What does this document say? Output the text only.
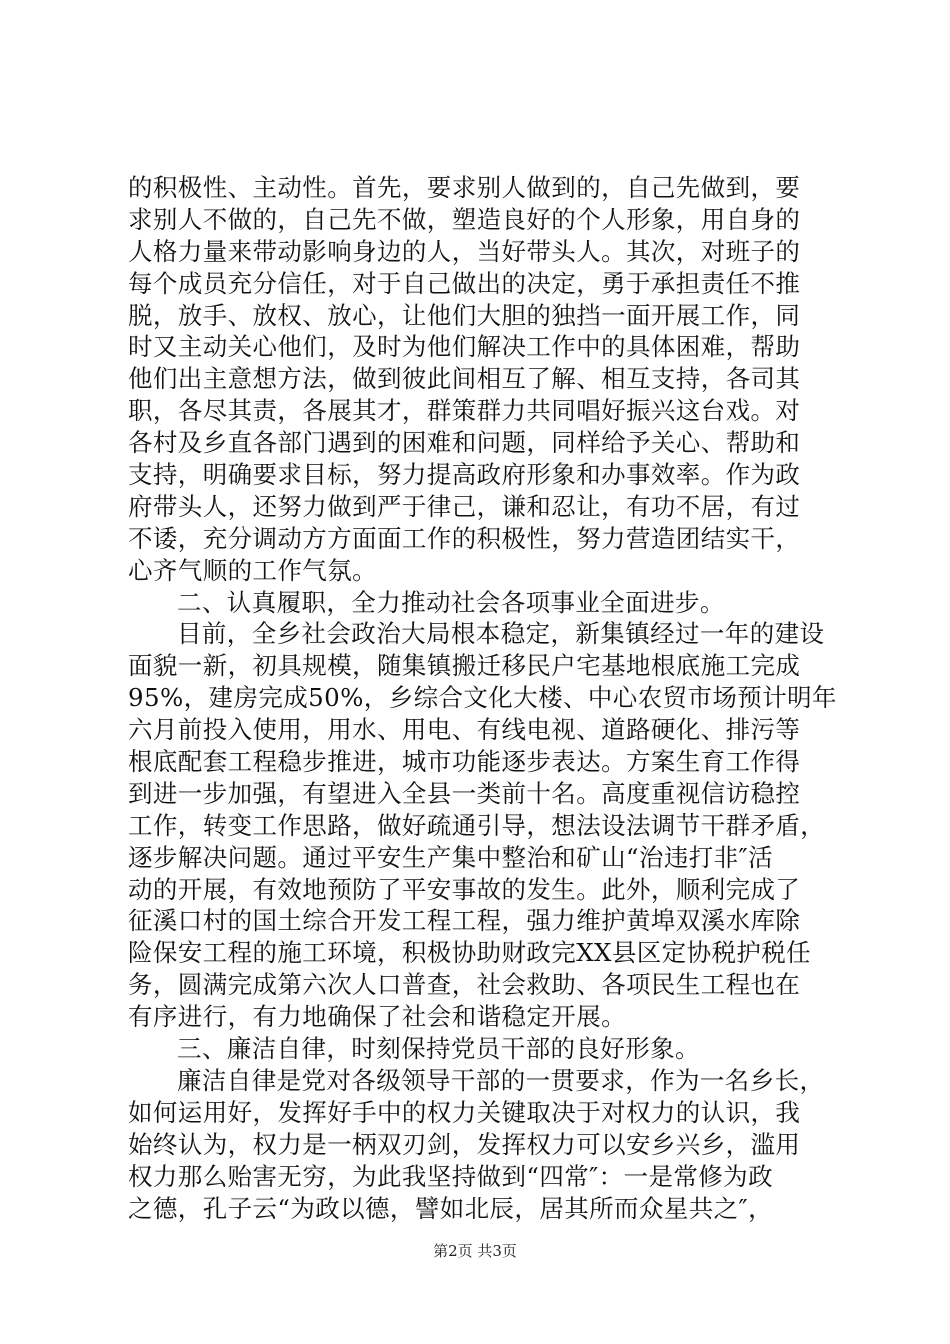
的积极性、主动性。首先，要求别人做到的，自己先做到，要
求别人不做的，自己先不做，塑造良好的个人形象，用自身的
人格力量来带动影响身边的人，当好带头人。其次，对班子的
每个成员充分信任，对于自己做出的决定，勇于承担责任不推
脱，放手、放权、放心，让他们大胆的独挡一面开展工作，同
时又主动关心他们，及时为他们解决工作中的具体困难，帮助
他们出主意想方法，做到彼此间相互了解、相互支持，各司其
职，各尽其责，各展其才，群策群力共同唱好振兴这台戏。对
各村及乡直各部门遇到的困难和问题，同样给予关心、帮助和
支持，明确要求目标，努力提高政府形象和办事效率。作为政
府带头人，还努力做到严于律己，谦和忍让，有功不居，有过
不诿，充分调动方方面面工作的积极性，努力营造团结实干，
心齐气顺的工作气氛。
二、认真履职，全力推动社会各项事业全面进步。
目前，全乡社会政治大局根本稳定，新集镇经过一年的建设
面貌一新，初具规模，随集镇搬迁移民户宅基地根底施工完成
95%，建房完成50%，乡综合文化大楼、中心农贸市场预计明年
六月前投入使用，用水、用电、有线电视、道路硬化、排污等
根底配套工程稳步推进，城市功能逐步表达。方案生育工作得
到进一步加强，有望进入全县一类前十名。高度重视信访稳控
工作，转变工作思路，做好疏通引导，想法设法调节干群矛盾，
逐步解决问题。通过平安生产集中整治和矿山“治违打非″活
动的开展，有效地预防了平安事故的发生。此外，顺利完成了
征溪口村的国土综合开发工程工程，强力维护黄埠双溪水库除
险保安工程的施工环境，积极协助财政完XX县区定协税护税任
务，圆满完成第六次人口普查，社会救助、各项民生工程也在
有序进行，有力地确保了社会和谐稳定开展。
三、廉洁自律，时刻保持党员干部的良好形象。
廉洁自律是党对各级领导干部的一贯要求，作为一名乡长，
如何运用好，发挥好手中的权力关键取决于对权力的认识，我
始终认为，权力是一柄双刃剑，发挥权力可以安乡兴乡，滥用
权力那么贻害无穷，为此我坚持做到“四常″：一是常修为政
之德，孔子云“为政以德，譬如北辰，居其所而众星共之″，
第2页 共3页
